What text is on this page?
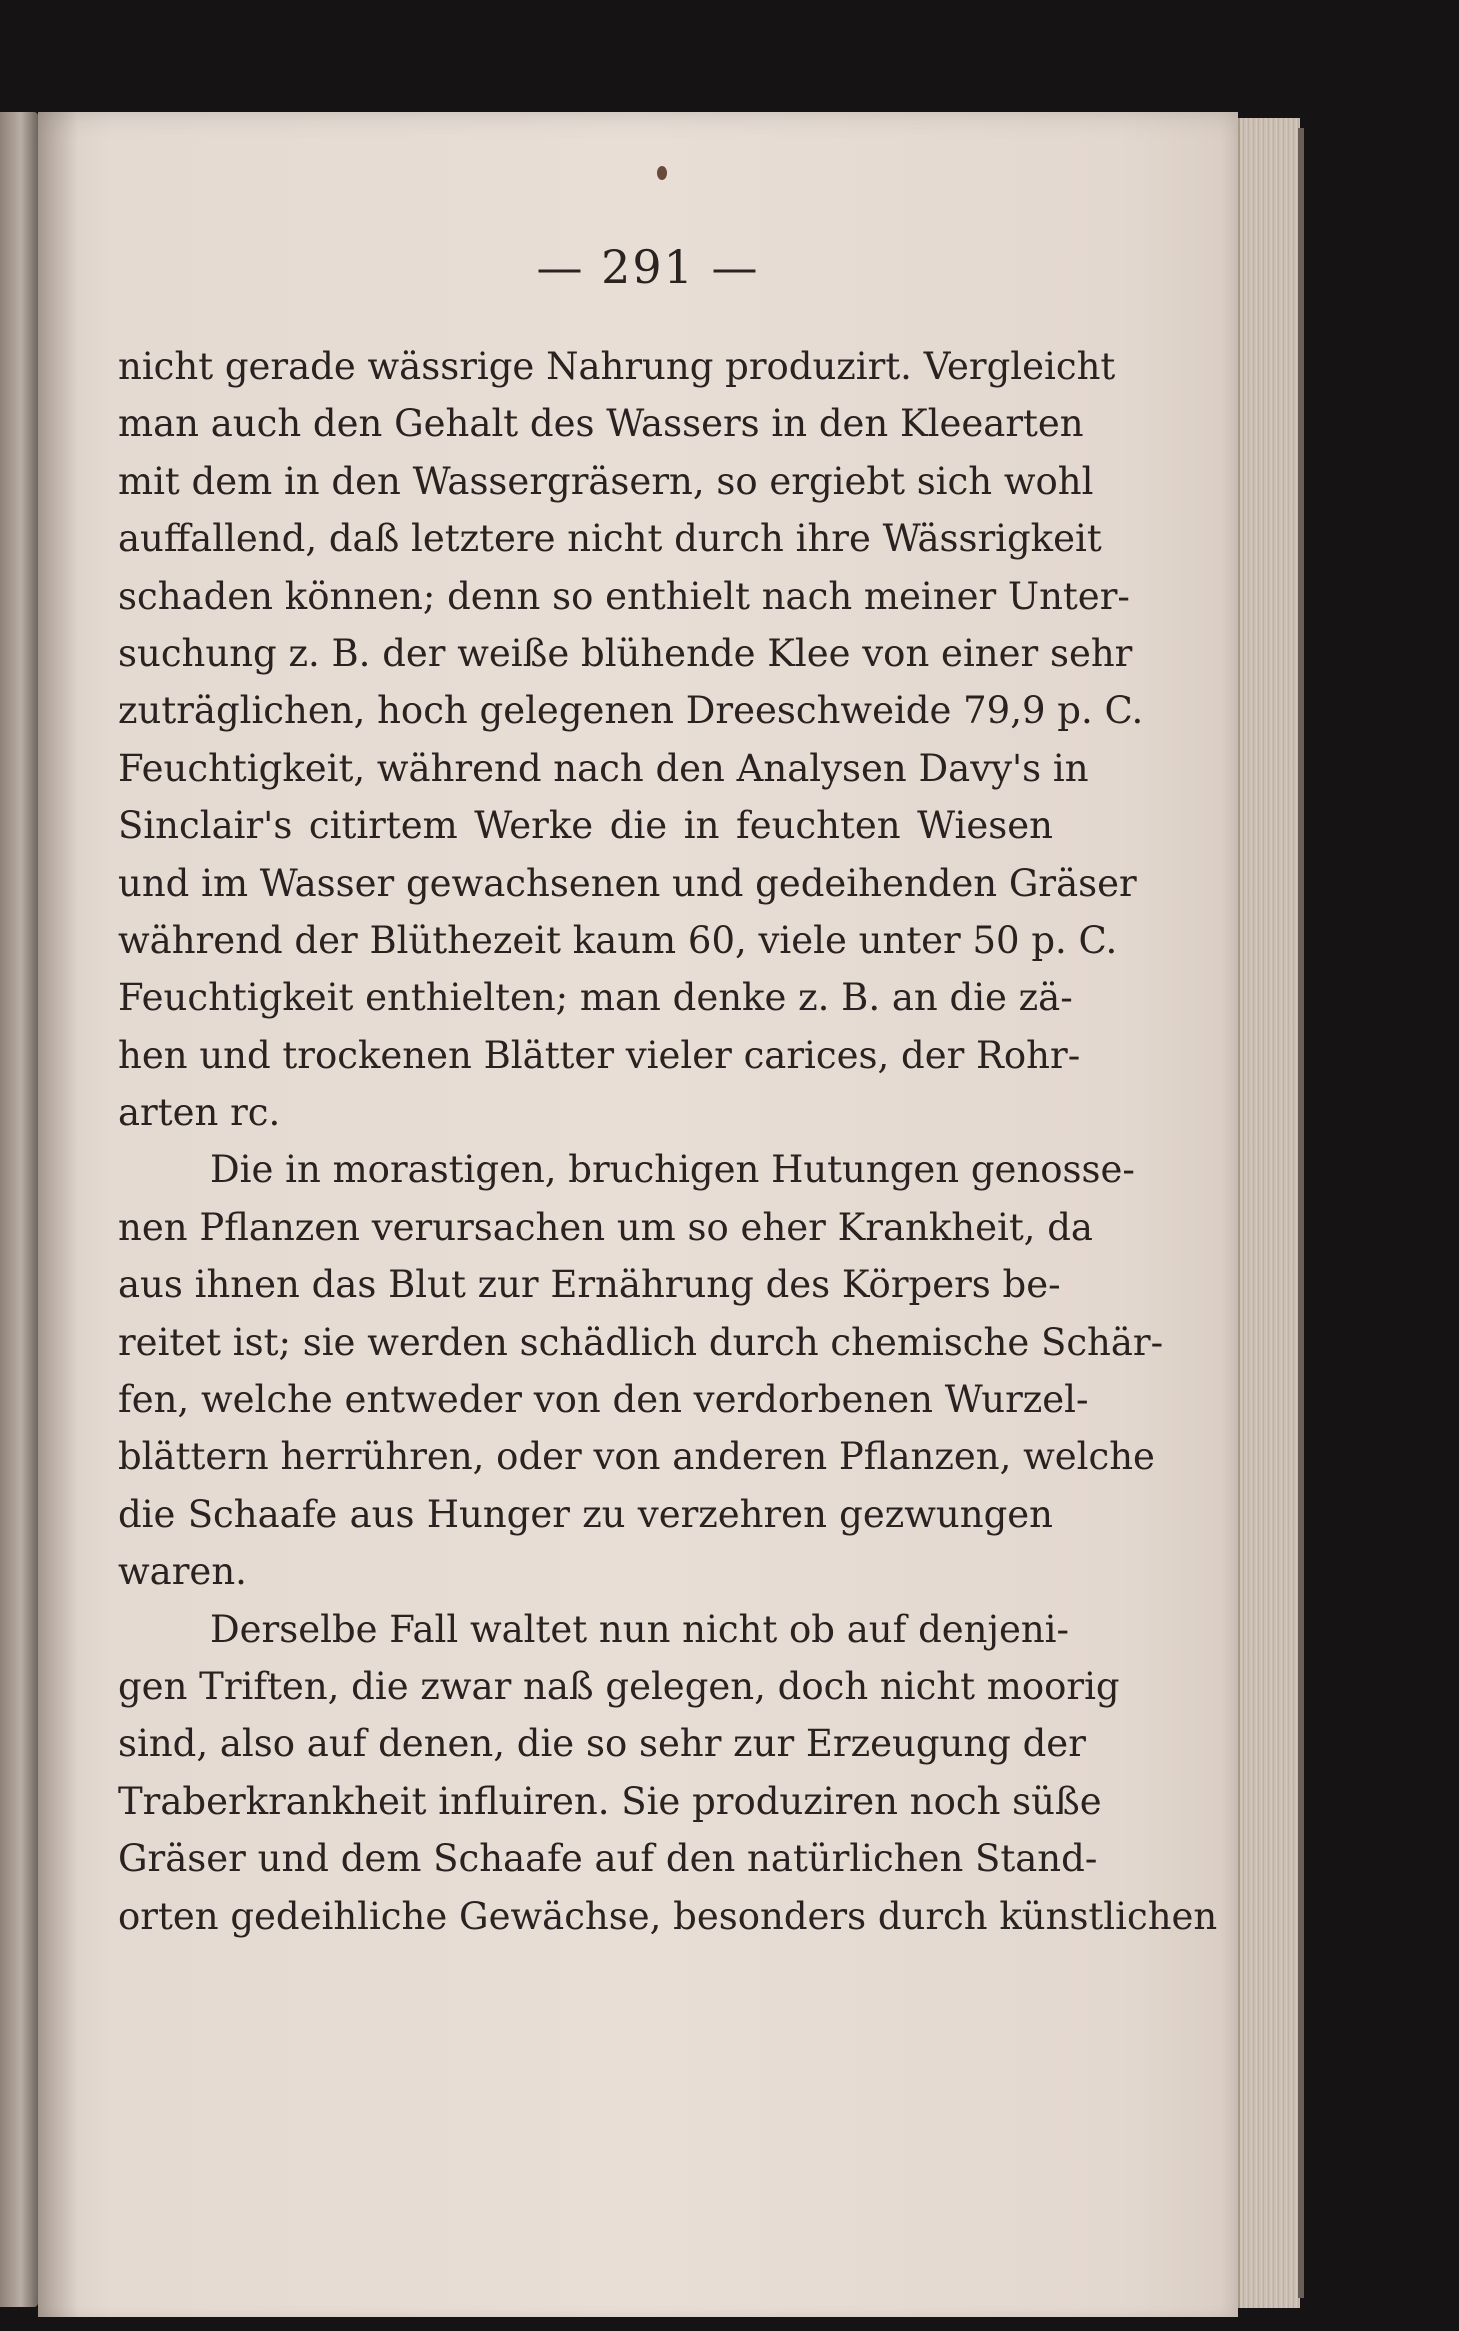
— 291 —
nicht gerade wässrige Nahrung produzirt. Vergleicht
man auch den Gehalt des Wassers in den Kleearten
mit dem in den Wassergräsern, so ergiebt sich wohl
auffallend, daß letztere nicht durch ihre Wässrigkeit
schaden können; denn so enthielt nach meiner Unter-
suchung z. B. der weiße blühende Klee von einer sehr
zuträglichen, hoch gelegenen Dreeschweide 79,9 p. C.
Feuchtigkeit, während nach den Analysen Davy's in
Sinclair's citirtem Werke die in feuchten Wiesen
und im Wasser gewachsenen und gedeihenden Gräser
während der Blüthezeit kaum 60, viele unter 50 p. C.
Feuchtigkeit enthielten; man denke z. B. an die zä-
hen und trockenen Blätter vieler carices, der Rohr-
arten rc.
Die in morastigen, bruchigen Hutungen genosse-
nen Pflanzen verursachen um so eher Krankheit, da
aus ihnen das Blut zur Ernährung des Körpers be-
reitet ist; sie werden schädlich durch chemische Schär-
fen, welche entweder von den verdorbenen Wurzel-
blättern herrühren, oder von anderen Pflanzen, welche
die Schaafe aus Hunger zu verzehren gezwungen
waren.
Derselbe Fall waltet nun nicht ob auf denjeni-
gen Triften, die zwar naß gelegen, doch nicht moorig
sind, also auf denen, die so sehr zur Erzeugung der
Traberkrankheit influiren. Sie produziren noch süße
Gräser und dem Schaafe auf den natürlichen Stand-
orten gedeihliche Gewächse, besonders durch künstlichen
